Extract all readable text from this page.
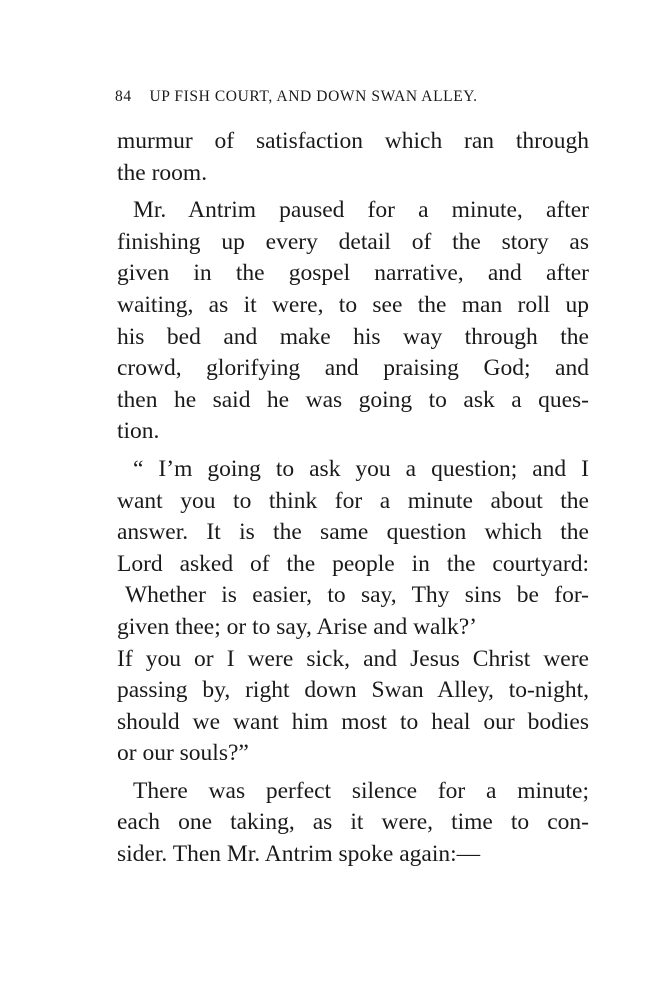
84 UP FISH COURT, AND DOWN SWAN ALLEY.
murmur of satisfaction which ran through
the room.
Mr. Antrim paused for a minute, after
finishing up every detail of the story as
given in the gospel narrative, and after
waiting, as it were, to see the man roll up
his bed and make his way through the
crowd, glorifying and praising God; and
then he said he was going to ask a ques-
tion.
“ I’m going to ask you a question; and I
want you to think for a minute about the
answer. It is the same question which the
Lord asked of the people in the courtyard:
Whether is easier, to say, Thy sins be for-
given thee; or to say, Arise and walk?’
If you or I were sick, and Jesus Christ were
passing by, right down Swan Alley, to-night,
should we want him most to heal our bodies
or our souls?”
There was perfect silence for a minute;
each one taking, as it were, time to con-
sider. Then Mr. Antrim spoke again:—
